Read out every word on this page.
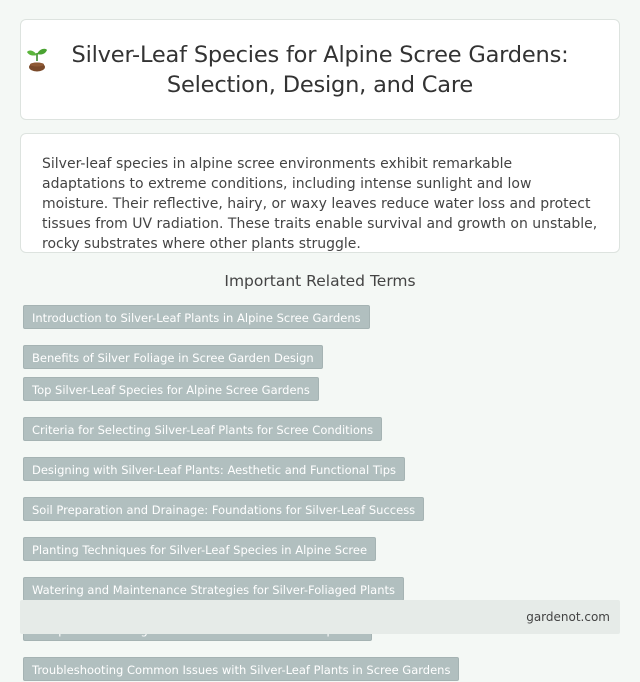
Silver-Leaf Species for Alpine Scree Gardens:
Selection, Design, and Care

Silver-leaf species in alpine scree environments exhibit remarkable adaptations to extreme conditions, including intense sunlight and low moisture. Their reflective, hairy, or waxy leaves reduce water loss and protect tissues from UV radiation. These traits enable survival and growth on unstable, rocky substrates where other plants struggle.

Important Related Terms
Introduction to Silver-Leaf Plants in Alpine Scree Gardens
Benefits of Silver Foliage in Scree Garden Design
Top Silver-Leaf Species for Alpine Scree Gardens
Criteria for Selecting Silver-Leaf Plants for Scree Conditions
Designing with Silver-Leaf Plants: Aesthetic and Functional Tips
Soil Preparation and Drainage: Foundations for Silver-Leaf Success
Planting Techniques for Silver-Leaf Species in Alpine Scree
Watering and Maintenance Strategies for Silver-Foliaged Plants
Troubleshooting Common Issues with Silver-Leaf Plants in Scree Gardens
gardenot.com
